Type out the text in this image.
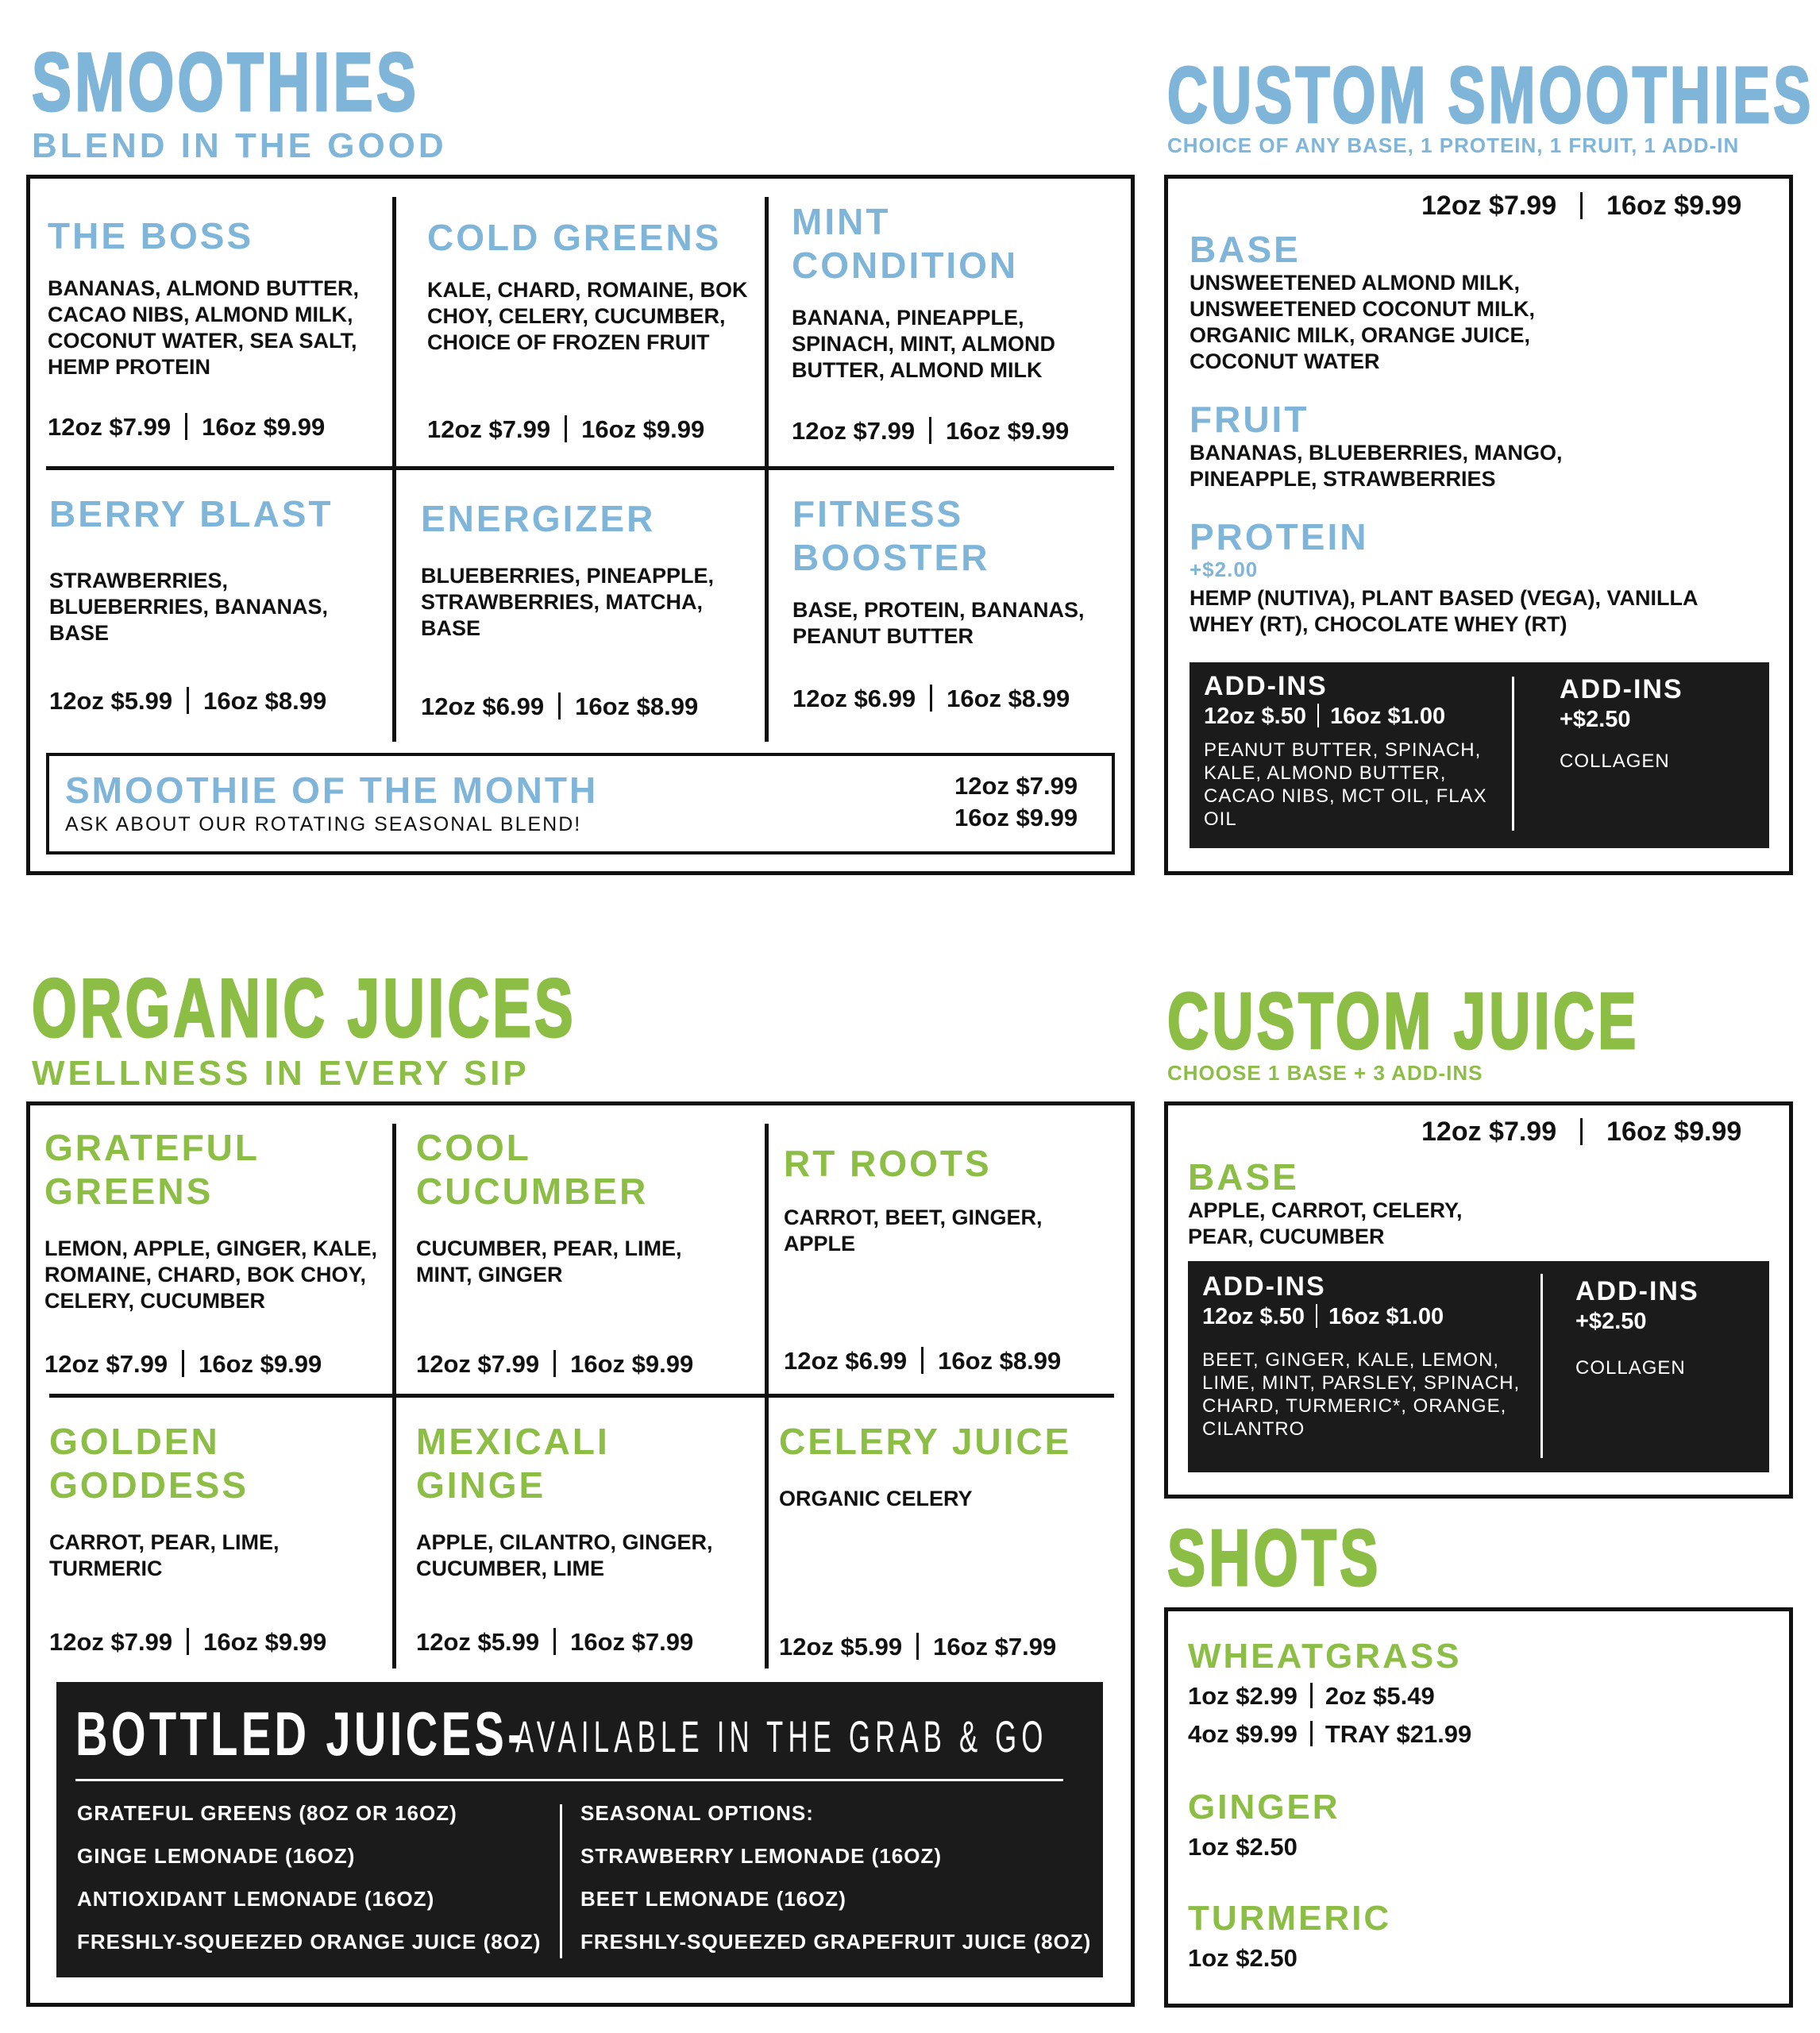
SMOOTHIES
BLEND IN THE GOOD
THE BOSS
BANANAS, ALMOND BUTTER, CACAO NIBS, ALMOND MILK, COCONUT WATER, SEA SALT, HEMP PROTEIN
12oz $7.99 16oz $9.99
COLD GREENS
KALE, CHARD, ROMAINE, BOK CHOY, CELERY, CUCUMBER, CHOICE OF FROZEN FRUIT
12oz $7.99 16oz $9.99
MINT CONDITION
BANANA, PINEAPPLE, SPINACH, MINT, ALMOND BUTTER, ALMOND MILK
12oz $7.99 16oz $9.99
BERRY BLAST
STRAWBERRIES, BLUEBERRIES, BANANAS, BASE
12oz $5.99 16oz $8.99
ENERGIZER
BLUEBERRIES, PINEAPPLE, STRAWBERRIES, MATCHA, BASE
12oz $6.99 16oz $8.99
FITNESS BOOSTER
BASE, PROTEIN, BANANAS, PEANUT BUTTER
12oz $6.99 16oz $8.99
SMOOTHIE OF THE MONTH
ASK ABOUT OUR ROTATING SEASONAL BLEND!
12oz $7.99
16oz $9.99
CUSTOM SMOOTHIES
CHOICE OF ANY BASE, 1 PROTEIN, 1 FRUIT, 1 ADD-IN
12oz $7.99 16oz $9.99
BASE
UNSWEETENED ALMOND MILK, UNSWEETENED COCONUT MILK, ORGANIC MILK, ORANGE JUICE, COCONUT WATER
FRUIT
BANANAS, BLUEBERRIES, MANGO, PINEAPPLE, STRAWBERRIES
PROTEIN
+$2.00
HEMP (NUTIVA), PLANT BASED (VEGA), VANILLA WHEY (RT), CHOCOLATE WHEY (RT)
ADD-INS
12oz $.50 16oz $1.00
PEANUT BUTTER, SPINACH, KALE, ALMOND BUTTER, CACAO NIBS, MCT OIL, FLAX OIL
ADD-INS
+$2.50
COLLAGEN
ORGANIC JUICES
WELLNESS IN EVERY SIP
GRATEFUL GREENS
LEMON, APPLE, GINGER, KALE, ROMAINE, CHARD, BOK CHOY, CELERY, CUCUMBER
12oz $7.99 16oz $9.99
COOL CUCUMBER
CUCUMBER, PEAR, LIME, MINT, GINGER
12oz $7.99 16oz $9.99
RT ROOTS
CARROT, BEET, GINGER, APPLE
12oz $6.99 16oz $8.99
GOLDEN GODDESS
CARROT, PEAR, LIME, TURMERIC
12oz $7.99 16oz $9.99
MEXICALI GINGE
APPLE, CILANTRO, GINGER, CUCUMBER, LIME
12oz $5.99 16oz $7.99
CELERY JUICE
ORGANIC CELERY
12oz $5.99 16oz $7.99
BOTTLED JUICES-
AVAILABLE IN THE GRAB & GO
GRATEFUL GREENS (8OZ OR 16OZ)
GINGE LEMONADE (16OZ)
ANTIOXIDANT LEMONADE (16OZ)
FRESHLY-SQUEEZED ORANGE JUICE (8OZ)
SEASONAL OPTIONS:
STRAWBERRY LEMONADE (16OZ)
BEET LEMONADE (16OZ)
FRESHLY-SQUEEZED GRAPEFRUIT JUICE (8OZ)
CUSTOM JUICE
CHOOSE 1 BASE + 3 ADD-INS
12oz $7.99 16oz $9.99
BASE
APPLE, CARROT, CELERY, PEAR, CUCUMBER
ADD-INS
12oz $.50 16oz $1.00
BEET, GINGER, KALE, LEMON, LIME, MINT, PARSLEY, SPINACH, CHARD, TURMERIC*, ORANGE, CILANTRO
ADD-INS
+$2.50
COLLAGEN
SHOTS
WHEATGRASS
1oz $2.99 2oz $5.49
4oz $9.99 TRAY $21.99
GINGER
1oz $2.50
TURMERIC
1oz $2.50
